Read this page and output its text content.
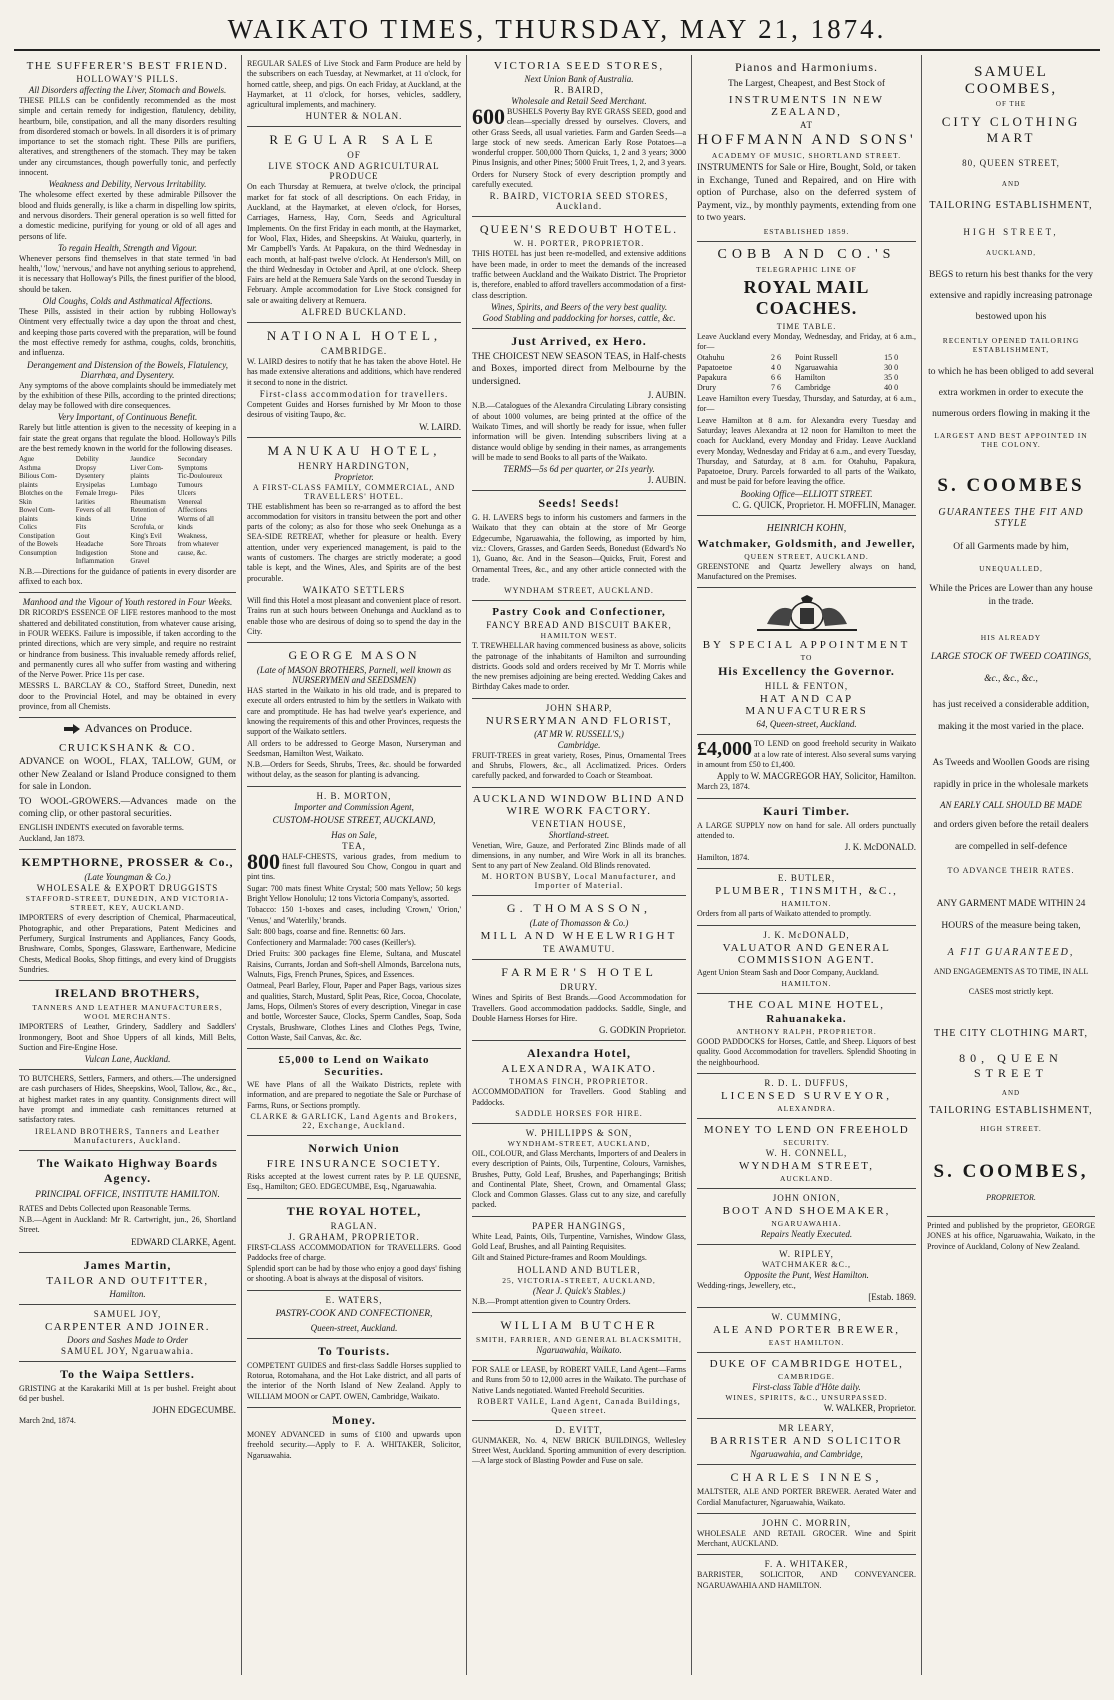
WAIKATO TIMES, THURSDAY, MAY 21, 1874.
THE SUFFERER'S BEST FRIEND.
HOLLOWAY'S PILLS.
All Disorders affecting the Liver, Stomach and Bowels.
THESE PILLS can be confidently recommended as the most simple and certain remedy for indigestion, flatulency, debility, heartburn, bile, constipation, and all the many disorders resulting from disordered stomach or bowels. In all disorders it is of primary importance to set the stomach right. These Pills are purifiers, alteratives, and strengtheners of the stomach. They may be taken under any circumstances, though powerfully tonic, and perfectly innocent.
Weakness and Debility, Nervous Irritability.
The wholesome effect exerted by these admirable Pillsover the blood and fluids generally, is like a charm in dispelling low spirits, and nervous disorders. Their general operation is so well fitted for a domestic medicine, purifying for young or old of all ages and persons of life.
To regain Health, Strength and Vigour.
Whenever persons find themselves in that state termed 'in bad health,' 'low,' 'nervous,' and have not anything serious to apprehend, it is necessary that Holloway's Pills, the finest purifier of the blood, should be taken.
Old Coughs, Colds and Asthmatical Affections.
These Pills, assisted in their action by rubbing Holloway's Ointment very effectually twice a day upon the throat and chest, and keeping those parts covered with the preparation, will be found the most effective remedy for asthma, coughs, colds, bronchitis, and influenza.
Derangement and Distension of the Bowels, Flatulency, Diarrhœa, and Dysentery.
Any symptoms of the above complaints should be immediately met by the exhibition of these Pills, according to the printed directions; delay may be followed with dire consequences.
Very Important, of Continuous Benefit.
Rarely but little attention is given to the necessity of keeping in a fair state the great organs that regulate the blood. Holloway's Pills are the best remedy known in the world for the following diseases.
Ague	Debility	Jaundice	Secondary
Asthma	Dropsy	Liver Com-	Symptoms
Bilious Com-	Dysentery	plaints	Tic-Douloureux
plaints	Erysipelas	Lumbago	Tumours
Blotches on the	Female Irregu-	Piles	Ulcers
Skin	larities	Rheumatism	Venereal
Bowel Com-	Fevers of all	Retention of	Affections
plaints	kinds	Urine	Worms of all
Colics	Fits	Scrofula, or	kinds
Constipation	Gout	King's Evil	Weakness,
of the Bowels	Headache	Sore Throats	from whatever
Consumption	Indigestion	Stone and	cause, &c.
	Inflammation	Gravel	
N.B.—Directions for the guidance of patients in every disorder are affixed to each box.
Manhood and the Vigour of Youth restored in Four Weeks.
DR RICORD'S ESSENCE OF LIFE restores manhood to the most shattered and debilitated constitution, from whatever cause arising, in FOUR WEEKS. Failure is impossible, if taken according to the printed directions, which are very simple, and require no restraint or hindrance from business. This invaluable remedy affords relief, and permanently cures all who suffer from wasting and withering of the Nerve Power. Price 11s per case.
MESSRS L. BARCLAY & CO., Stafford Street, Dunedin, next door to the Provincial Hotel, and may be obtained in every province, from all Chemists.
Advances on Produce.
CRUICKSHANK & CO.
ADVANCE on WOOL, FLAX, TALLOW, GUM, or other New Zealand or Island Produce consigned to them for sale in London.
TO WOOL-GROWERS.—Advances made on the coming clip, or other pastoral securities.
ENGLISH INDENTS executed on favorable terms.
Auckland, Jan 1873.
KEMPTHORNE, PROSSER & Co.,
(Late Youngman & Co.)
WHOLESALE & EXPORT DRUGGISTS
STAFFORD-STREET, DUNEDIN, AND VICTORIA-STREET, KEY, AUCKLAND.
IMPORTERS of every description of Chemical, Pharmaceutical, Photographic, and other Preparations, Patent Medicines and Perfumery, Surgical Instruments and Appliances, Fancy Goods, Brushware, Combs, Sponges, Glassware, Earthenware, Medicine Chests, Medical Books, Shop fittings, and every kind of Druggists Sundries.
IRELAND BROTHERS,
TANNERS AND LEATHER MANUFACTURERS, WOOL MERCHANTS.
IMPORTERS of Leather, Grindery, Saddlery and Saddlers' Ironmongery, Boot and Shoe Uppers of all kinds, Mill Belts, Suction and Fire-Engine Hose.
Vulcan Lane, Auckland.
TO BUTCHERS, Settlers, Farmers, and others.—The undersigned are cash purchasers of Hides, Sheepskins, Wool, Tallow, &c., &c., at highest market rates in any quantity. Consignments direct will have prompt and immediate cash remittances returned at satisfactory rates.
IRELAND BROTHERS, Tanners and Leather Manufacturers, Auckland.
The Waikato Highway Boards Agency.
PRINCIPAL OFFICE, INSTITUTE HAMILTON.
RATES and Debts Collected upon Reasonable Terms.
N.B.—Agent in Auckland: Mr R. Cartwright, jun., 26, Shortland Street.
EDWARD CLARKE, Agent.
James Martin,
TAILOR AND OUTFITTER,
Hamilton.
SAMUEL JOY,
CARPENTER AND JOINER.
Doors and Sashes Made to Order
SAMUEL JOY, Ngaruawahia.
To the Waipa Settlers.
GRISTING at the Karakariki Mill at 1s per bushel. Freight about 6d per bushel.
JOHN EDGECUMBE.
March 2nd, 1874.
REGULAR SALES of Live Stock and Farm Produce are held by the subscribers on each Tuesday, at Newmarket, at 11 o'clock, for horned cattle, sheep, and pigs. On each Friday, at Auckland, at the Haymarket, at 11 o'clock, for horses, vehicles, saddlery, agricultural implements, and machinery.
HUNTER & NOLAN.
REGULAR SALE
OF
LIVE STOCK AND AGRICULTURAL PRODUCE
On each Thursday at Remuera, at twelve o'clock, the principal market for fat stock of all descriptions. On each Friday, in Auckland, at the Haymarket, at eleven o'clock, for Horses, Carriages, Harness, Hay, Corn, Seeds and Agricultural Implements. On the first Friday in each month, at the Haymarket, for Wool, Flax, Hides, and Sheepskins. At Waiuku, quarterly, in Mr Campbell's Yards. At Papakura, on the third Wednesday in each month, at half-past twelve o'clock. At Henderson's Mill, on the third Wednesday in October and April, at one o'clock. Sheep Fairs are held at the Remuera Sale Yards on the second Tuesday in February. Ample accommodation for Live Stock consigned for sale or awaiting delivery at Remuera.
ALFRED BUCKLAND.
NATIONAL HOTEL,
CAMBRIDGE.
W. LAIRD desires to notify that he has taken the above Hotel. He has made extensive alterations and additions, which have rendered it second to none in the district.
First-class accommodation for travellers.
Competent Guides and Horses furnished by Mr Moon to those desirous of visiting Taupo, &c.
W. LAIRD.
MANUKAU HOTEL,
HENRY HARDINGTON,
Proprietor.
A FIRST-CLASS FAMILY, COMMERCIAL, AND TRAVELLERS' HOTEL.
THE establishment has been so re-arranged as to afford the best accommodation for visitors in transitu between the port and other parts of the colony; as also for those who seek Onehunga as a SEA-SIDE RETREAT, whether for pleasure or health. Every attention, under very experienced management, is paid to the wants of customers. The charges are strictly moderate; a good table is kept, and the Wines, Ales, and Spirits are of the best procurable.
WAIKATO SETTLERS
Will find this Hotel a most pleasant and convenient place of resort. Trains run at such hours between Onehunga and Auckland as to enable those who are desirous of doing so to spend the day in the City.
GEORGE MASON
(Late of MASON BROTHERS, Parnell, well known as NURSERYMEN and SEEDSMEN)
HAS started in the Waikato in his old trade, and is prepared to execute all orders entrusted to him by the settlers in Waikato with care and promptitude. He has had twelve year's experience, and knowing the requirements of this and other Provinces, requests the support of the Waikato settlers.
All orders to be addressed to George Mason, Nurseryman and Seedsman, Hamilton West, Waikato.
N.B.—Orders for Seeds, Shrubs, Trees, &c. should be forwarded without delay, as the season for planting is advancing.
H. B. MORTON,
Importer and Commission Agent,
CUSTOM-HOUSE STREET, AUCKLAND,
Has on Sale,
TEA,
800 HALF-CHESTS, various grades, from medium to finest full flavoured Sou Chow, Congou in quart and pint tins.
Sugar: 700 mats finest White Crystal; 500 mats Yellow; 50 kegs Bright Yellow Honolulu; 12 tons Victoria Company's, assorted.
Tobacco: 150 1-boxes and cases, including 'Crown,' 'Orion,' 'Venus,' and 'Waterlily,' brands.
Salt: 800 bags, coarse and fine. Rennetts: 60 Jars.
Confectionery and Marmalade: 700 cases (Keiller's).
Dried Fruits: 300 packages fine Eleme, Sultana, and Muscatel Raisins, Currants, Jordan and Soft-shell Almonds, Barcelona nuts, Walnuts, Figs, French Prunes, Spices, and Essences.
Oatmeal, Pearl Barley, Flour, Paper and Paper Bags, various sizes and qualities, Starch, Mustard, Split Peas, Rice, Cocoa, Chocolate, Jams, Hops, Oilmen's Stores of every description, Vinegar in case and bottle, Worcester Sauce, Clocks, Sperm Candles, Soap, Soda Crystals, Brushware, Clothes Lines and Clothes Pegs, Twine, Cotton Waste, Sail Canvas, &c. &c.
£5,000 to Lend on Waikato Securities.
WE have Plans of all the Waikato Districts, replete with information, and are prepared to negotiate the Sale or Purchase of Farms, Runs, or Sections promptly.
CLARKE & GARLICK, Land Agents and Brokers, 22, Exchange, Auckland.
Norwich Union
FIRE INSURANCE SOCIETY.
Risks accepted at the lowest current rates by P. LE QUESNE, Esq., Hamilton; GEO. EDGECUMBE, Esq., Ngaruawahia.
THE ROYAL HOTEL,
RAGLAN.
J. GRAHAM, PROPRIETOR.
FIRST-CLASS ACCOMMODATION for TRAVELLERS. Good Paddocks free of charge.
Splendid sport can be had by those who enjoy a good days' fishing or shooting. A boat is always at the disposal of visitors.
E. WATERS,
PASTRY-COOK AND CONFECTIONER,
Queen-street, Auckland.
To Tourists.
COMPETENT GUIDES and first-class Saddle Horses supplied to Rotorua, Rotomahana, and the Hot Lake district, and all parts of the interior of the North Island of New Zealand. Apply to WILLIAM MOON or CAPT. OWEN, Cambridge, Waikato.
Money.
MONEY ADVANCED in sums of £100 and upwards upon freehold security.—Apply to F. A. WHITAKER, Solicitor, Ngaruawahia.
VICTORIA SEED STORES,
Next Union Bank of Australia.
R. BAIRD,
Wholesale and Retail Seed Merchant.
600 BUSHELS Poverty Bay RYE GRASS SEED, good and clean—specially dressed by ourselves. Clovers, and other Grass Seeds, all usual varieties. Farm and Garden Seeds—a large stock of new seeds. American Early Rose Potatoes—a wonderful cropper. 500,000 Thorn Quicks, 1, 2 and 3 years; 3000 Pinus Insignis, and other Pines; 5000 Fruit Trees, 1, 2, and 3 years.
Orders for Nursery Stock of every description promptly and carefully executed.
R. BAIRD, VICTORIA SEED STORES, Auckland.
QUEEN'S REDOUBT HOTEL.
W. H. PORTER, PROPRIETOR.
THIS HOTEL has just been re-modelled, and extensive additions have been made, in order to meet the demands of the increased traffic between Auckland and the Waikato District. The Proprietor is, therefore, enabled to afford travellers accommodation of a first-class description.
Wines, Spirits, and Beers of the very best quality.
Good Stabling and paddocking for horses, cattle, &c.
Just Arrived, ex Hero.
THE CHOICEST NEW SEASON TEAS, in Half-chests and Boxes, imported direct from Melbourne by the undersigned.
J. AUBIN.
N.B.—Catalogues of the Alexandra Circulating Library consisting of about 1000 volumes, are being printed at the office of the Waikato Times, and will shortly be ready for issue, when fuller information will be given. Intending subscribers living at a distance would oblige by sending in their names, as arrangements will be made to send Books to all parts of the Waikato.
TERMS—5s 6d per quarter, or 21s yearly.
J. AUBIN.
Seeds! Seeds!
G. H. LAVERS begs to inform his customers and farmers in the Waikato that they can obtain at the store of Mr George Edgecumbe, Ngaruawahia, the following, as imported by him, viz.: Clovers, Grasses, and Garden Seeds, Bonedust (Edward's No 1), Guano, &c. And in the Season—Quicks, Fruit, Forest and Ornamental Trees, &c., and any other article connected with the trade.
WYNDHAM STREET, AUCKLAND.
Pastry Cook and Confectioner,
FANCY BREAD AND BISCUIT BAKER,
HAMILTON WEST.
T. TREWHELLAR having commenced business as above, solicits the patronage of the inhabitants of Hamilton and surrounding districts. Goods sold and orders received by Mr T. Morris while the new premises adjoining are being erected. Wedding Cakes and Birthday Cakes made to order.
JOHN SHARP,
NURSERYMAN AND FLORIST,
(AT MR W. RUSSELL'S,)
Cambridge.
FRUIT-TREES in great variety, Roses, Pinus, Ornamental Trees and Shrubs, Flowers, &c., all Acclimatized. Prices. Orders carefully packed, and forwarded to Coach or Steamboat.
AUCKLAND WINDOW BLIND AND WIRE WORK FACTORY.
VENETIAN HOUSE,
Shortland-street.
Venetian, Wire, Gauze, and Perforated Zinc Blinds made of all dimensions, in any number, and Wire Work in all its branches. Sent to any part of New Zealand. Old Blinds renovated.
M. HORTON BUSBY, Local Manufacturer, and Importer of Material.
G. THOMASSON,
(Late of Thomasson & Co.)
MILL AND WHEELWRIGHT
TE AWAMUTU.
FARMER'S HOTEL
DRURY.
Wines and Spirits of Best Brands.—Good Accommodation for Travellers. Good accommodation paddocks. Saddle, Single, and Double Harness Horses for Hire.
G. GODKIN Proprietor.
Alexandra Hotel,
ALEXANDRA, WAIKATO.
THOMAS FINCH, PROPRIETOR.
ACCOMMODATION for Travellers. Good Stabling and Paddocks.
SADDLE HORSES FOR HIRE.
W. PHILLIPPS & SON,
WYNDHAM-STREET, AUCKLAND,
OIL, COLOUR, and Glass Merchants, Importers of and Dealers in every description of Paints, Oils, Turpentine, Colours, Varnishes, Brushes, Putty, Gold Leaf, Brushes, and Paperhangings; British and Continental Plate, Sheet, Crown, and Ornamental Glass; Clock and Common Glasses. Glass cut to any size, and carefully packed.
PAPER HANGINGS,
White Lead, Paints, Oils, Turpentine, Varnishes, Window Glass, Gold Leaf, Brushes, and all Painting Requisites.
Gilt and Stained Picture-frames and Room Mouldings.
HOLLAND AND BUTLER,
25, VICTORIA-STREET, AUCKLAND,
(Near J. Quick's Stables.)
N.B.—Prompt attention given to Country Orders.
WILLIAM BUTCHER
SMITH, FARRIER, AND GENERAL BLACKSMITH,
Ngaruawahia, Waikato.
FOR SALE or LEASE, by ROBERT VAILE, Land Agent—Farms and Runs from 50 to 12,000 acres in the Waikato. The purchase of Native Lands negotiated. Wanted Freehold Securities.
ROBERT VAILE, Land Agent, Canada Buildings, Queen street.
D. EVITT,
GUNMAKER, No. 4, NEW BRICK BUILDINGS, Wellesley Street West, Auckland. Sporting ammunition of every description.—A large stock of Blasting Powder and Fuse on sale.
Pianos and Harmoniums.
The Largest, Cheapest, and Best Stock of
INSTRUMENTS IN NEW ZEALAND,
AT
HOFFMANN AND SONS'
ACADEMY OF MUSIC, SHORTLAND STREET.
INSTRUMENTS for Sale or Hire, Bought, Sold, or taken in Exchange, Tuned and Repaired, and on Hire with option of Purchase, also on the deferred system of Payment, viz., by monthly payments, extending from one to two years.
ESTABLISHED 1859.
COBB AND CO.'S
TELEGRAPHIC LINE OF
ROYAL MAIL COACHES.
TIME TABLE.
Leave Auckland every Monday, Wednesday, and Friday, at 6 a.m., for—
Otahuhu	2 6	Point Russell	15 0
Papatoetoe	4 0	Ngaruawahia	30 0
Papakura	6 6	Hamilton	35 0
Drury	7 6	Cambridge	40 0
Leave Hamilton every Tuesday, Thursday, and Saturday, at 6 a.m., for—
Leave Hamilton at 8 a.m. for Alexandra every Tuesday and Saturday; leaves Alexandra at 12 noon for Hamilton to meet the coach for Auckland, every Monday and Friday. Leave Auckland every Monday, Wednesday and Friday at 6 a.m., and every Tuesday, Thursday, and Saturday, at 8 a.m. for Otahuhu, Papakura, Papatoetoe, Drury. Parcels forwarded to all parts of the Waikato, and must be paid for before leaving the office.
Booking Office—ELLIOTT STREET.
C. G. QUICK, Proprietor. H. MOFFLIN, Manager.
HEINRICH KOHN,
Watchmaker, Goldsmith, and Jeweller,
QUEEN STREET, AUCKLAND.
GREENSTONE and Quartz Jewellery always on hand, Manufactured on the Premises.
BY SPECIAL APPOINTMENT
TO
His Excellency the Governor.
HILL & FENTON,
HAT AND CAP MANUFACTURERS
64, Queen-street, Auckland.
£4,000 TO LEND on good freehold security in Waikato at a low rate of interest. Also several sums varying in amount from £50 to £1,400.
Apply to W. MACGREGOR HAY, Solicitor, Hamilton.
March 23, 1874.
Kauri Timber.
A LARGE SUPPLY now on hand for sale. All orders punctually attended to.
J. K. McDONALD.
Hamilton, 1874.
E. BUTLER,
PLUMBER, TINSMITH, &C.,
HAMILTON.
Orders from all parts of Waikato attended to promptly.
J. K. McDONALD,
VALUATOR AND GENERAL COMMISSION AGENT.
Agent Union Steam Sash and Door Company, Auckland.
HAMILTON.
THE COAL MINE HOTEL,
Rahuanakeka.
ANTHONY RALPH, PROPRIETOR.
GOOD PADDOCKS for Horses, Cattle, and Sheep. Liquors of best quality. Good Accommodation for travellers. Splendid Shooting in the neighbourhood.
R. D. L. DUFFUS,
LICENSED SURVEYOR,
ALEXANDRA.
MONEY TO LEND ON FREEHOLD
SECURITY.
W. H. CONNELL,
WYNDHAM STREET,
AUCKLAND.
JOHN ONION,
BOOT AND SHOEMAKER,
NGARUAWAHIA.
Repairs Neatly Executed.
W. RIPLEY,
WATCHMAKER &C.,
Opposite the Punt, West Hamilton.
Wedding-rings, Jewellery, etc.,
[Estab. 1869.
W. CUMMING,
ALE AND PORTER BREWER,
EAST HAMILTON.
DUKE OF CAMBRIDGE HOTEL,
CAMBRIDGE.
First-class Table d'Hôte daily.
WINES, SPIRITS, &C., UNSURPASSED.
W. WALKER, Proprietor.
MR LEARY,
BARRISTER AND SOLICITOR
Ngaruawahia, and Cambridge,
CHARLES INNES,
MALTSTER, ALE AND PORTER BREWER. Aerated Water and Cordial Manufacturer, Ngaruawahia, Waikato.
JOHN C. MORRIN,
WHOLESALE AND RETAIL GROCER. Wine and Spirit Merchant, AUCKLAND.
F. A. WHITAKER,
BARRISTER, SOLICITOR, AND CONVEYANCER. NGARUAWAHIA AND HAMILTON.
SAMUEL COOMBES,
OF THE
CITY CLOTHING MART
80, QUEEN STREET,
AND
TAILORING ESTABLISHMENT,
HIGH STREET,
AUCKLAND,
BEGS to return his best thanks for the very extensive and rapidly increasing patronage bestowed upon his
RECENTLY OPENED TAILORING ESTABLISHMENT,
to which he has been obliged to add several extra workmen in order to execute the numerous orders flowing in making it the
LARGEST AND BEST APPOINTED IN THE COLONY.
S. COOMBES
GUARANTEES THE FIT AND STYLE
Of all Garments made by him,
UNEQUALLED,
While the Prices are Lower than any house in the trade.
HIS ALREADY
LARGE STOCK OF TWEED COATINGS, &c., &c., &c.,
has just received a considerable addition, making it the most varied in the place.
As Tweeds and Woollen Goods are rising rapidly in price in the wholesale markets
AN EARLY CALL SHOULD BE MADE
and orders given before the retail dealers are compelled in self-defence
TO ADVANCE THEIR RATES.
ANY GARMENT MADE WITHIN 24 HOURS of the measure being taken,
A FIT GUARANTEED,
AND ENGAGEMENTS AS TO TIME, IN ALL CASES most strictly kept.
THE CITY CLOTHING MART,
80, QUEEN STREET
AND
TAILORING ESTABLISHMENT,
HIGH STREET.
S. COOMBES,
PROPRIETOR.
Printed and published by the proprietor, GEORGE JONES at his office, Ngaruawahia, Waikato, in the Province of Auckland, Colony of New Zealand.
